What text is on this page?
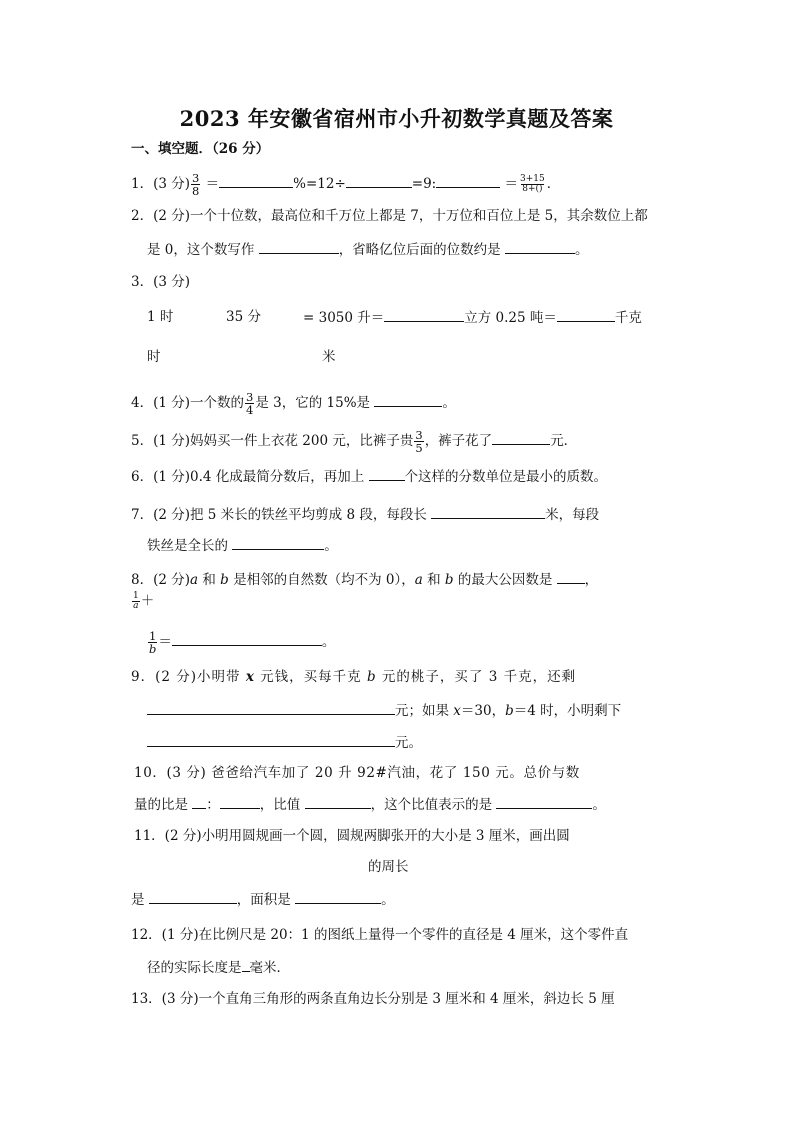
2023 年安徽省宿州市小升初数学真题及答案
一、填空题．（26 分）
1．(3 分) $\frac{3}{8}$ ＝	%=12÷	=9:	＝ $\frac{3+15}{8+()}$ ．
2．(2 分)一个十位数，最高位和千万位上都是 7，十万位和百位上是 5，其余数位上都
是 0，这个数写作	，省略亿位后面的位数约是	。
3．(3 分)
1 时	35 分	= 3050 升＝	立方 0.25 吨＝	千克
时	米
4．(1 分)一个数的 $\frac{3}{4}$ 是 3，它的 15%是	。
5．(1 分)妈妈买一件上衣花 200 元，比裤子贵 $\frac{3}{5}$ ，裤子花了	元．
6．(1 分)0.4 化成最简分数后，再加上	个这样的分数单位是最小的质数。
7．(2 分)把 5 米长的铁丝平均剪成 8 段，每段长	米，每段
铁丝是全长的	。
8．(2 分)a 和 b 是相邻的自然数（均不为 0），a 和 b 的最大公因数是 ，
$\frac{1}{a}$ ＋
$\frac{1}{b}$ ＝	。
9．(2 分)小明带 x 元钱，买每千克 b 元的桃子，买了 3 千克，还剩
元；如果 x＝30，b＝4 时，小明剩下
元。
10．(3 分) 爸爸给汽车加了 20 升 92#汽油，花了 150 元。总价与数
量的比是 ：	，比值	，这个比值表示的是	。
11．(2 分)小明用圆规画一个圆，圆规两脚张开的大小是 3 厘米，画出圆
的周长
是	，面积是	。
12．(1 分)在比例尺是 20：1 的图纸上量得一个零件的直径是 4 厘米，这个零件直
径的实际长度是 毫米．
13．(3 分)一个直角三角形的两条直角边长分别是 3 厘米和 4 厘米，斜边长 5 厘
